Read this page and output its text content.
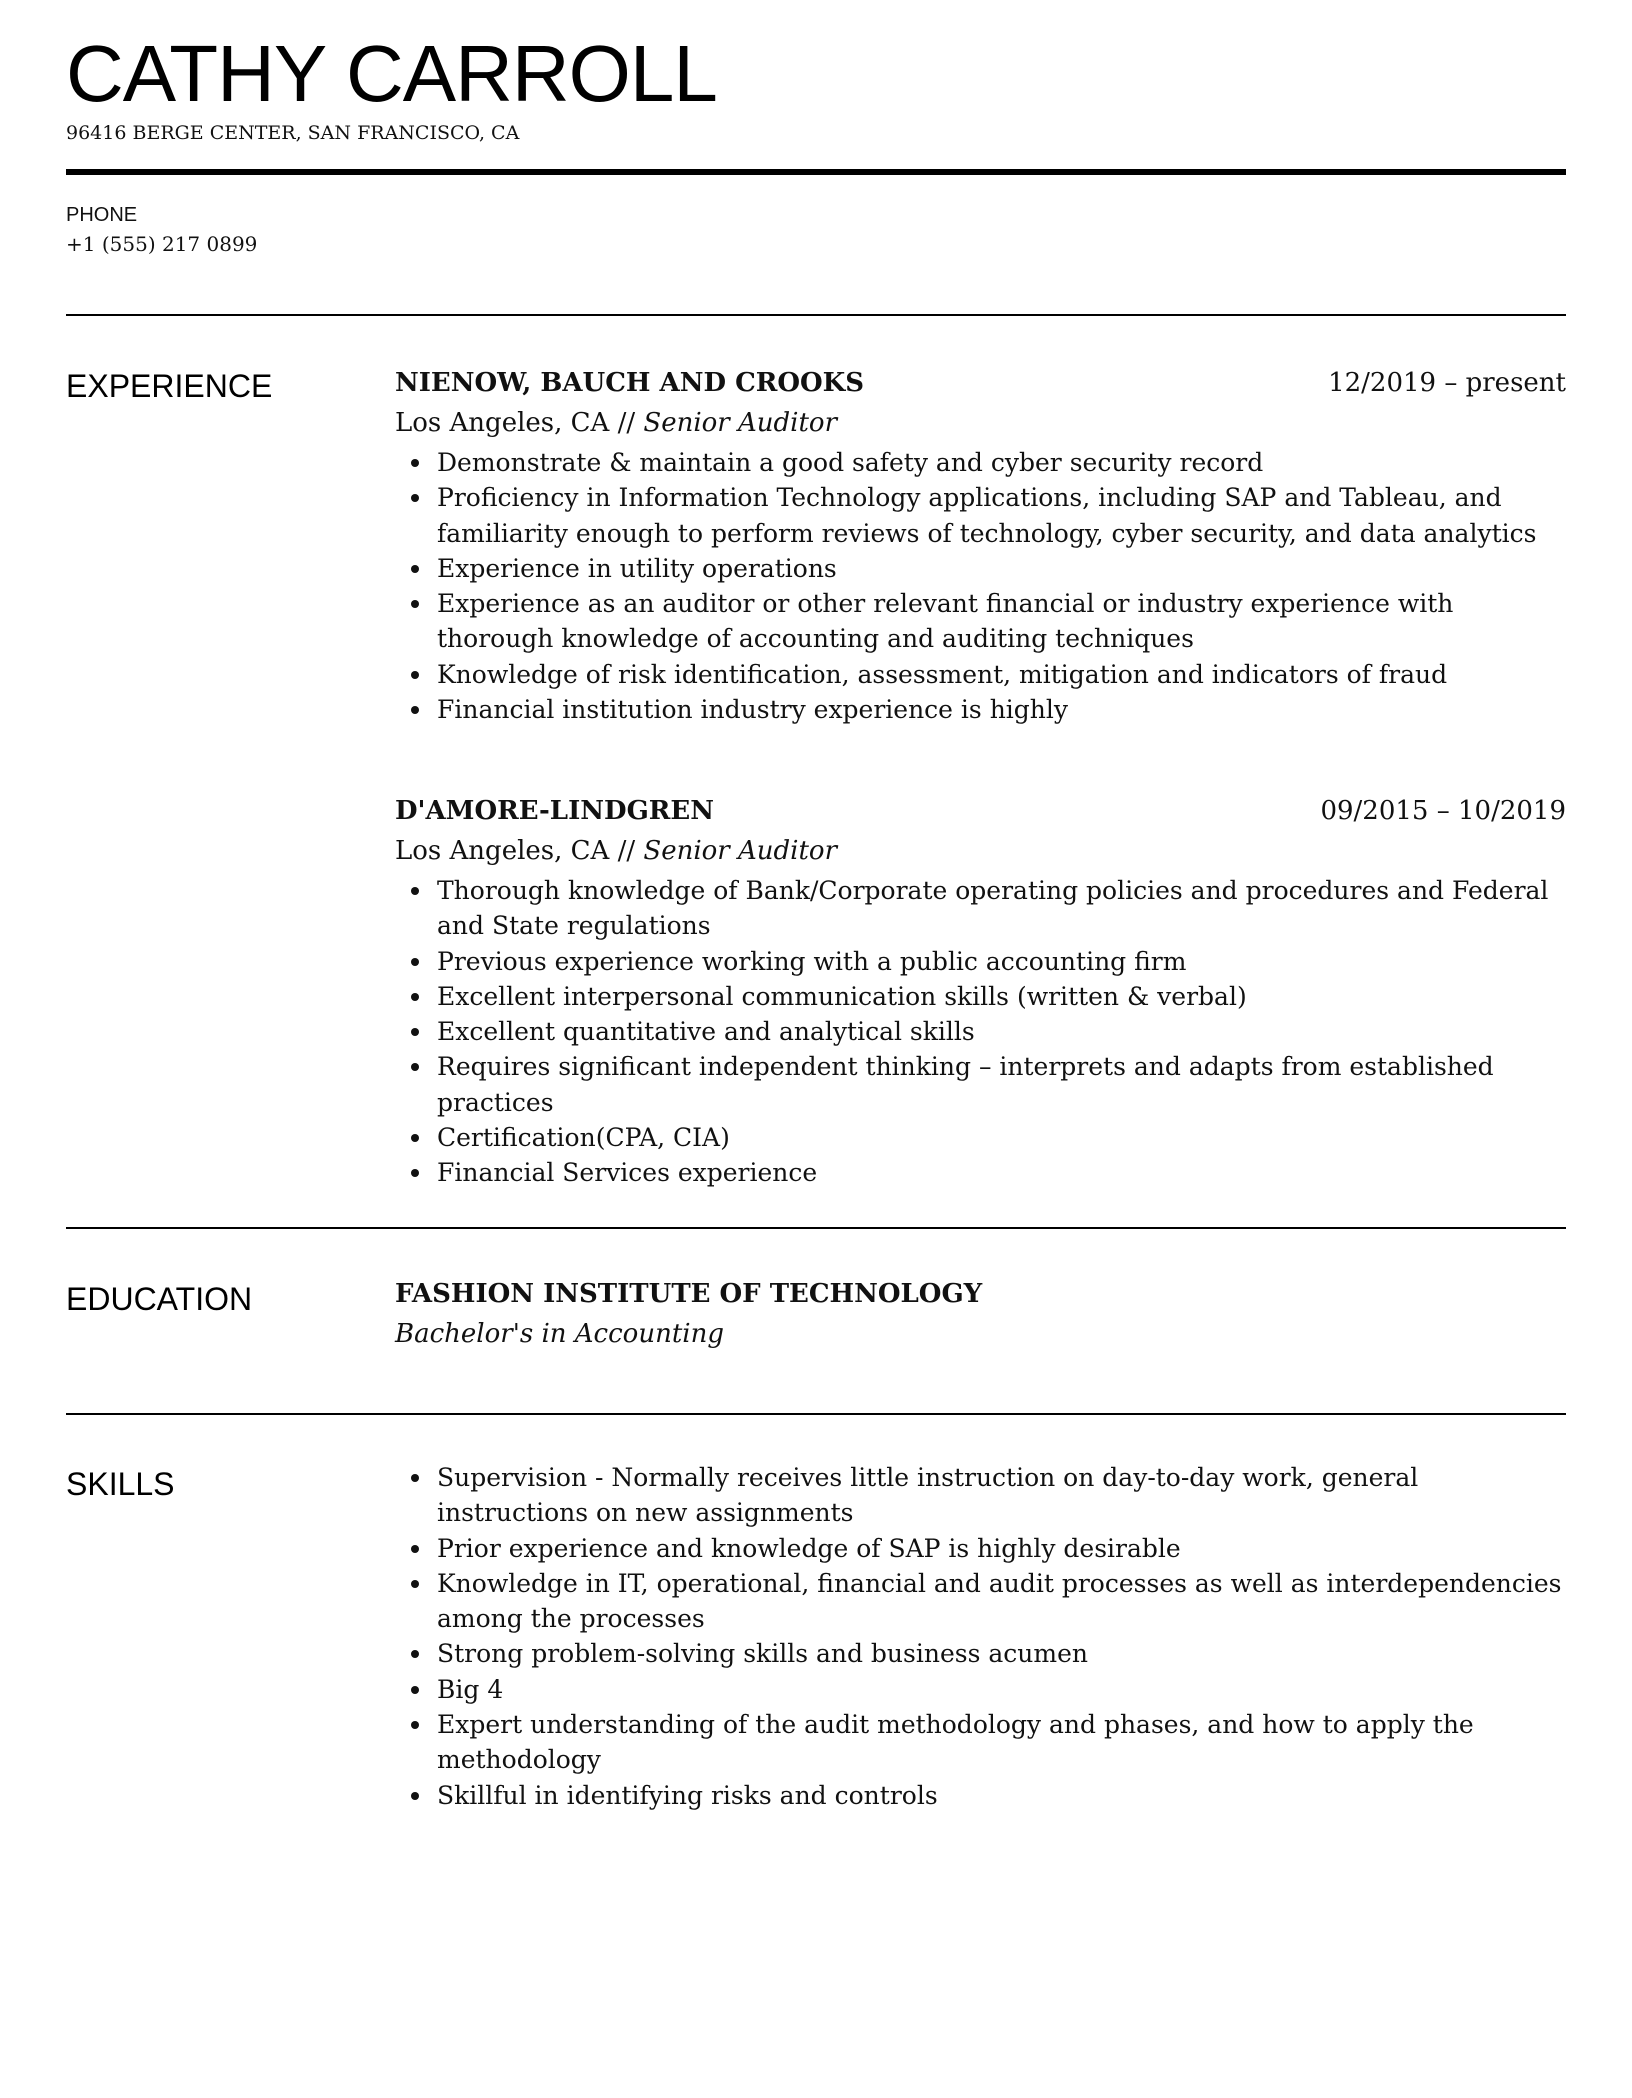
CATHY CARROLL
96416 BERGE CENTER, SAN FRANCISCO, CA
PHONE
+1 (555) 217 0899
EXPERIENCE	NIENOW, BAUCH AND CROOKS	12/2019 – present
Los Angeles, CA // Senior Auditor
Demonstrate & maintain a good safety and cyber security record
Proficiency in Information Technology applications, including SAP and Tableau, and familiarity enough to perform reviews of technology, cyber security, and data analytics
Experience in utility operations
Experience as an auditor or other relevant financial or industry experience with thorough knowledge of accounting and auditing techniques
Knowledge of risk identification, assessment, mitigation and indicators of fraud
Financial institution industry experience is highly
D'AMORE-LINDGREN	09/2015 – 10/2019
Los Angeles, CA // Senior Auditor
Thorough knowledge of Bank/Corporate operating policies and procedures and Federal and State regulations
Previous experience working with a public accounting firm
Excellent interpersonal communication skills (written & verbal)
Excellent quantitative and analytical skills
Requires significant independent thinking – interprets and adapts from established practices
Certification(CPA, CIA)
Financial Services experience
EDUCATION	FASHION INSTITUTE OF TECHNOLOGY
Bachelor's in Accounting
SKILLS	Supervision - Normally receives little instruction on day-to-day work, general instructions on new assignments
Prior experience and knowledge of SAP is highly desirable
Knowledge in IT, operational, financial and audit processes as well as interdependencies among the processes
Strong problem-solving skills and business acumen
Big 4
Expert understanding of the audit methodology and phases, and how to apply the methodology
Skillful in identifying risks and controls
